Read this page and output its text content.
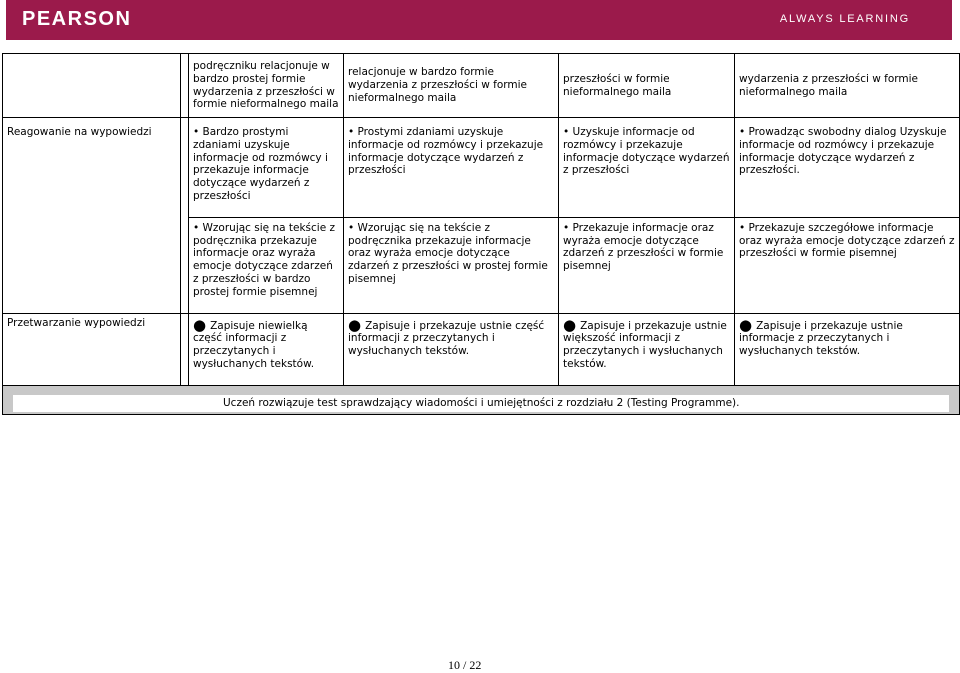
PEARSON	ALWAYS LEARNING
		podręczniku relacjonuje w bardzo prostej formie wydarzenia z przeszłości w formie nieformalnego maila	relacjonuje w bardzo formie wydarzenia z przeszłości w formie nieformalnego maila	przeszłości w formie nieformalnego maila	wydarzenia z przeszłości w formie nieformalnego maila
Reagowanie na wypowiedzi		• Bardzo prostymi zdaniami uzyskuje informacje od rozmówcy i przekazuje informacje dotyczące wydarzeń z przeszłości	• Prostymi zdaniami uzyskuje informacje od rozmówcy i przekazuje informacje dotyczące wydarzeń z przeszłości	• Uzyskuje informacje od rozmówcy i przekazuje informacje dotyczące wydarzeń z przeszłości	• Prowadząc swobodny dialog Uzyskuje informacje od rozmówcy i przekazuje informacje dotyczące wydarzeń z przeszłości.
		• Wzorując się na tekście z podręcznika przekazuje informacje oraz wyraża emocje dotyczące zdarzeń z przeszłości w bardzo prostej formie pisemnej	• Wzorując się na tekście z podręcznika przekazuje informacje oraz wyraża emocje dotyczące zdarzeń z przeszłości w prostej formie pisemnej	• Przekazuje informacje oraz wyraża emocje dotyczące zdarzeń z przeszłości w formie pisemnej	• Przekazuje szczegółowe informacje oraz wyraża emocje dotyczące zdarzeń z przeszłości w formie pisemnej
Przetwarzanie wypowiedzi		● Zapisuje niewielką część informacji z przeczytanych i wysłuchanych tekstów.	● Zapisuje i przekazuje ustnie część informacji z przeczytanych i wysłuchanych tekstów.	● Zapisuje i przekazuje ustnie większość informacji z przeczytanych i wysłuchanych tekstów.	● Zapisuje i przekazuje ustnie informacje z przeczytanych i wysłuchanych tekstów.

Uczeń rozwiązuje test sprawdzający wiadomości i umiejętności z rozdziału 2 (Testing Programme).					
10 / 22
